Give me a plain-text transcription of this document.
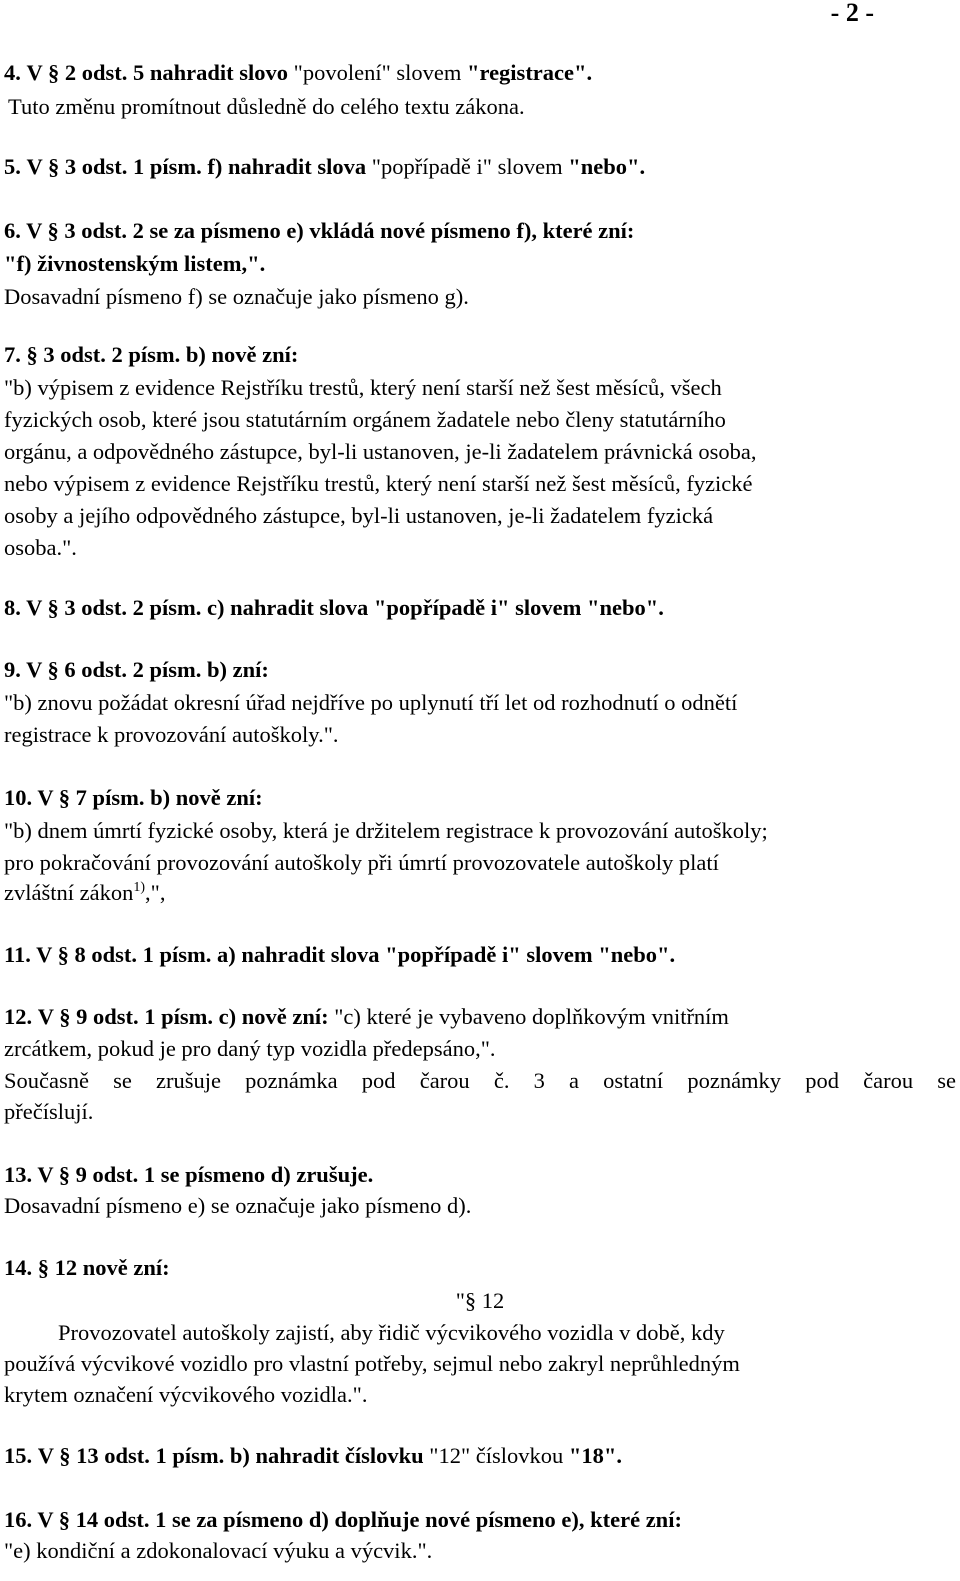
- 2 -
4. V § 2 odst. 5 nahradit slovo "povolení" slovem "registrace".
Tuto změnu promítnout důsledně do celého textu zákona.
5. V § 3 odst. 1 písm. f) nahradit slova "popřípadě i" slovem "nebo".
6. V § 3 odst. 2 se za písmeno e) vkládá nové písmeno f), které zní:
"f) živnostenským listem,".
Dosavadní písmeno f) se označuje jako písmeno g).
7. § 3 odst. 2 písm. b) nově zní:
"b) výpisem z evidence Rejstříku trestů, který není starší než šest měsíců, všech
fyzických osob, které jsou statutárním orgánem žadatele nebo členy statutárního
orgánu, a odpovědného zástupce, byl-li ustanoven, je-li žadatelem právnická osoba,
nebo výpisem z evidence Rejstříku trestů, který není starší než šest měsíců, fyzické
osoby a jejího odpovědného zástupce, byl-li ustanoven, je-li žadatelem fyzická
osoba.".
8. V § 3 odst. 2 písm. c) nahradit slova "popřípadě i" slovem "nebo".
9. V § 6 odst. 2 písm. b) zní:
"b) znovu požádat okresní úřad nejdříve po uplynutí tří let od rozhodnutí o odnětí
registrace k provozování autoškoly.".
10. V § 7 písm. b) nově zní:
"b) dnem úmrtí fyzické osoby, která je držitelem registrace k provozování autoškoly;
pro pokračování provozování autoškoly při úmrtí provozovatele autoškoly platí
zvláštní zákon$^{1)}$,",
11. V § 8 odst. 1 písm. a) nahradit slova "popřípadě i" slovem "nebo".
12. V § 9 odst. 1 písm. c) nově zní: "c) které je vybaveno doplňkovým vnitřním
zrcátkem, pokud je pro daný typ vozidla předepsáno,".
Současně se zrušuje poznámka pod čarou č. 3 a ostatní poznámky pod čarou se
přečíslují.
13. V § 9 odst. 1 se písmeno d) zrušuje.
Dosavadní písmeno e) se označuje jako písmeno d).
14. § 12 nově zní:
"§ 12
Provozovatel autoškoly zajistí, aby řidič výcvikového vozidla v době, kdy
používá výcvikové vozidlo pro vlastní potřeby, sejmul nebo zakryl neprůhledným
krytem označení výcvikového vozidla.".
15. V § 13 odst. 1 písm. b) nahradit číslovku "12" číslovkou "18".
16. V § 14 odst. 1 se za písmeno d) doplňuje nové písmeno e), které zní:
"e) kondiční a zdokonalovací výuku a výcvik.".
